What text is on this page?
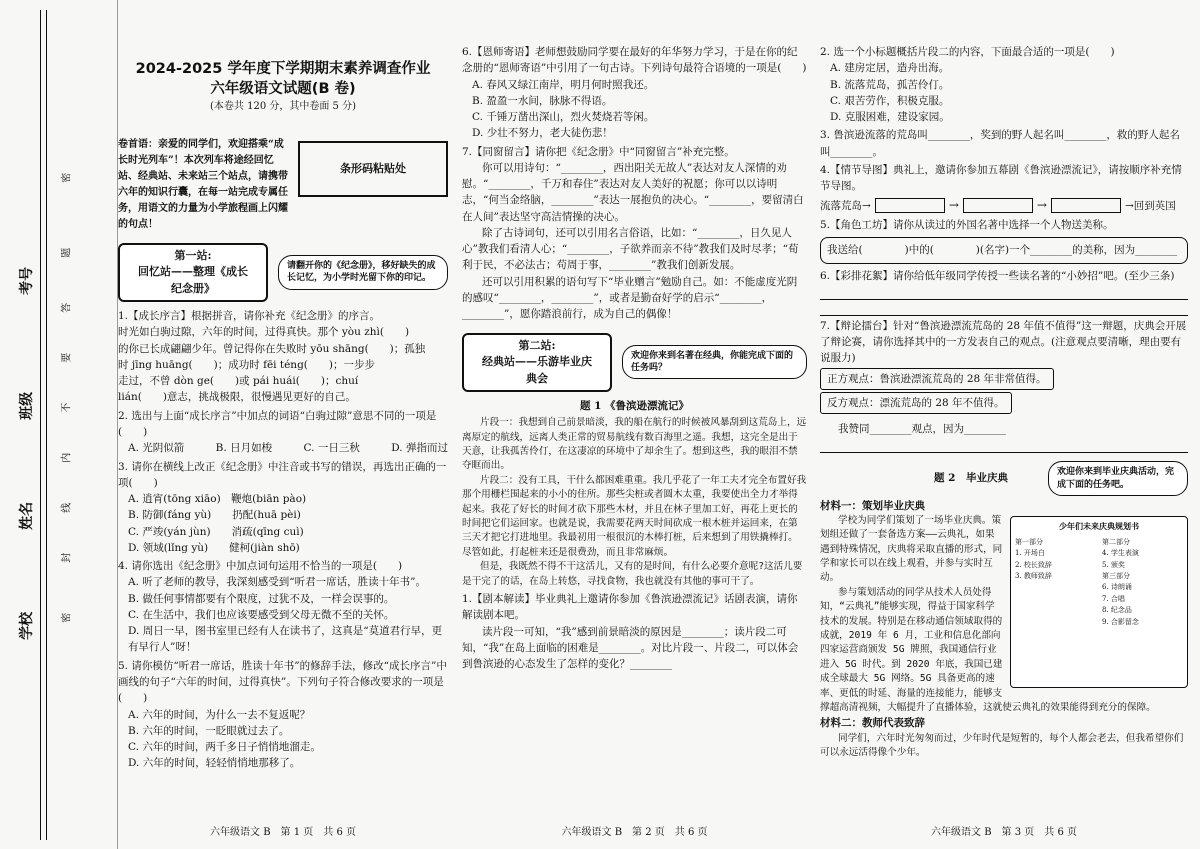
学校
姓名
班级
考号
密
题
答
要
不
内
线
封
密
2024-2025 学年度下学期期末素养调查作业
六年级语文试题(B 卷)
(本卷共 120 分，其中卷面 5 分)
卷首语：亲爱的同学们，欢迎搭乘“成长时光列车”！本次列车将途经回忆站、经典站、未来站三个站点，请携带六年的知识行囊，在每一站完成专属任务，用语文的力量为小学旅程画上闪耀的句点！
条形码粘贴处
第一站:
回忆站——整理《成长纪念册》
请翻开你的《纪念册》，移好缺失的成长记忆，为小学时光留下你的印记。

1.【成长序言】根据拼音，请你补充《纪念册》的序言。

时光如白驹过隙，六年的时间，过得真快。那个 yòu zhì(　　)

的你已长成翩翩少年。曾记得你在失败时 yōu shāng(　　)；孤独

时 jīng huāng(　　)；成功时 fēi téng(　　)；一步步

走过，不曾 dòn ge(　　)或 pái huái(　　)；chuí

lián(　　)意志，挑战极限，很慢遇见更好的自己。

2. 选出与上面“成长序言”中加点的词语“白驹过隙”意思不同的一项是(　　)

A. 光阴似箭	B. 日月如梭	C. 一日三秋	D. 弹指而过

3. 请你在横线上改正《纪念册》中注音或书写的错误，再选出正确的一项(　　)

A. 逍宵(tōng xiāo)　鞭炮(biān pào)

B. 防御(fáng yù)　　扔配(huā pèi)

C. 严竣(yán jùn)　　消疏(qīng cuì)

D. 领域(lǐng yù)　　健柯(jiàn shō)

4. 请你选出《纪念册》中加点词句运用不恰当的一项是(　　)

A. 听了老师的教导，我深刻感受到“听君一席话，胜读十年书”。

B. 做任何事情都要有个限度，过犹不及，一样会误事的。

C. 在生活中，我们也应该要感受到父母无微不至的关怀。

D. 周日一早，图书室里已经有人在读书了，这真是“莫道君行早，更有早行人”呀！

5. 请你模仿“听君一席话，胜读十年书”的修辞手法，修改“成长序言”中画线的句子“六年的时间，过得真快”。下列句子符合修改要求的一项是(　　)

A. 六年的时间，为什么一去不复返呢？

B. 六年的时间，一眨眼就过去了。

C. 六年的时间，两千多日子悄悄地溜走。

D. 六年的时间，轻轻悄悄地那移了。

六年级语文 B　第 1 页　共 6 页

6.【恩师寄语】老师想鼓励同学要在最好的年华努力学习，于是在你的纪念册的“恩师寄语”中引用了一句古诗。下列诗句最符合语境的一项是(　　)

A. 春风又绿江南岸，明月何时照我还。

B. 盈盈一水间，脉脉不得语。

C. 千锤万凿出深山，烈火焚烧若等闲。

D. 少壮不努力，老大徒伤悲！

7.【同窗留言】请你把《纪念册》中“同窗留言”补充完整。

你可以用诗句：“________，西出阳关无故人”表达对友人深情的劝慰。“________，千万和春住”表达对友人美好的祝愿；你可以以诗明志，“何当金络脑，________”表达一展抱负的决心。“________，要留清白在人间”表达坚守高洁情操的决心。

除了古诗词句，还可以引用名言俗语，比如：“________，日久见人心”教我们看清人心；“________，子欲养而亲不待”教我们及时尽孝；“荀利于民，不必法古；苟周于事，________”教我们创新发展。

还可以引用积累的语句写下“毕业赠言”勉励自己。如：不能虚度光阴的感叹“________，________”，或者是勤奋好学的启示“________，________”，愿你踏浪前行，成为自己的偶像！

第二站:
经典站——乐游毕业庆典会
欢迎你来到名著在经典，你能完成下面的任务吗？
题 1 《鲁滨逊漂流记》

片段一：我想到自己前景暗淡，我的船在航行的时候被风暴刮到这荒岛上，远离原定的航线，远离人类正常的贸易航线有数百海里之遥。我想，这完全是出于天意，让我孤苦伶仃，在这凄凉的环境中了却余生了。想到这些，我的眼泪不禁夺眶而出。

片段二：没有工具，干什么都困难重重。我几乎花了一年工夫才完全布置好我那个用栅栏围起来的小小的住所。那些尖桩或者圆木太重，我要使出全力才举得起来。我花了好长的时间才砍下那些木材，并且在林子里加工好，再花上更长的时间把它们运回家。也就是说，我需要花两天时间砍成一根木桩并运回来，在第三天才把它打进地里。我最初用一根很沉的木棒打桩，后来想到了用铁撬棒打。尽管如此，打起桩来还是很费劲，而且非常麻烦。

但是，我既然不得不干这活儿，又有的是时间，有什么必要介意呢?这活儿要是干完了的话，在岛上转悠，寻找食物，我也就没有其他的事可干了。

1.【剧本解读】毕业典礼上邀请你参加《鲁滨逊漂流记》话剧表演，请你解读剧本吧。

读片段一可知，“我”感到前景暗淡的原因是________；读片段二可知，“我”在岛上面临的困难是________。对比片段一、片段二，可以体会到鲁滨逊的心态发生了怎样的变化？________

六年级语文 B　第 2 页　共 6 页

2. 选一个小标题概括片段二的内容，下面最合适的一项是(　　)

A. 建房定居，造舟出海。

B. 流落荒岛，孤苦伶仃。

C. 艰苦劳作，积极克服。

D. 克服困难，建设家园。

3. 鲁滨逊流落的荒岛叫________，奖到的野人起名叫________，救的野人起名叫________。

4.【情节导图】典礼上，邀请你参加五幕剧《鲁滨逊漂流记》，请按顺序补充情节导图。

流落荒岛→	→	→	→回到英国

5.【角色工坊】请你从读过的外国名著中选择一个人物送美称。

我送给(　　　　)中的(　　　　)(名字)一个________的美称，因为________

6.【彩排花絮】请你给低年级同学传授一些读名著的“小妙招”吧。(至少三条)

7.【辩论擂台】针对“鲁滨逊漂流荒岛的 28 年值不值得”这一辩题，庆典会开展了辩论赛，请你选择其中的一方发表自己的观点。(注意观点要清晰，理由要有说服力)

正方观点：鲁滨逊漂流荒岛的 28 年非常值得。
反方观点：漂流荒岛的 28 年不值得。

我赞同________观点，因为________

题 2　毕业庆典	欢迎你来到毕业庆典活动，完成下面的任务吧。

材料一：策划毕业庆典

少年们未来庆典规划书
第一部分	第二部分
1. 开场白	4. 学生表演
2. 校长致辞	5. 颁奖
3. 教师致辞	第三部分
6. 诗朗诵
7. 合唱
8. 纪念品
9. 合影留念

学校为同学们策划了一场毕业庆典。策划组还做了一套备选方案——云典礼，如果遇到特殊情况，庆典将采取直播的形式，同学和家长可以在线上观看，并参与实时互动。

参与策划活动的同学从技术人员处得知，“云典礼”能够实现，得益于国家科学技术的发展。特别是在移动通信领域取得的成就，2019 年 6 月，工业和信息化部向四家运营商颁发 5G 牌照，我国通信行业进入 5G 时代。到 2020 年底，我国已建成全球最大 5G 网络。5G 具备更高的速率、更低的时延、海量的连接能力，能够支撑超高清视频，大幅提升了直播体验，这就使云典礼的效果能得到充分的保障。

材料二：教师代表致辞

同学们，六年时光匆匆而过，少年时代是短暂的，每个人都会老去，但我希望你们可以永远活得像个少年。

六年级语文 B　第 3 页　共 6 页
